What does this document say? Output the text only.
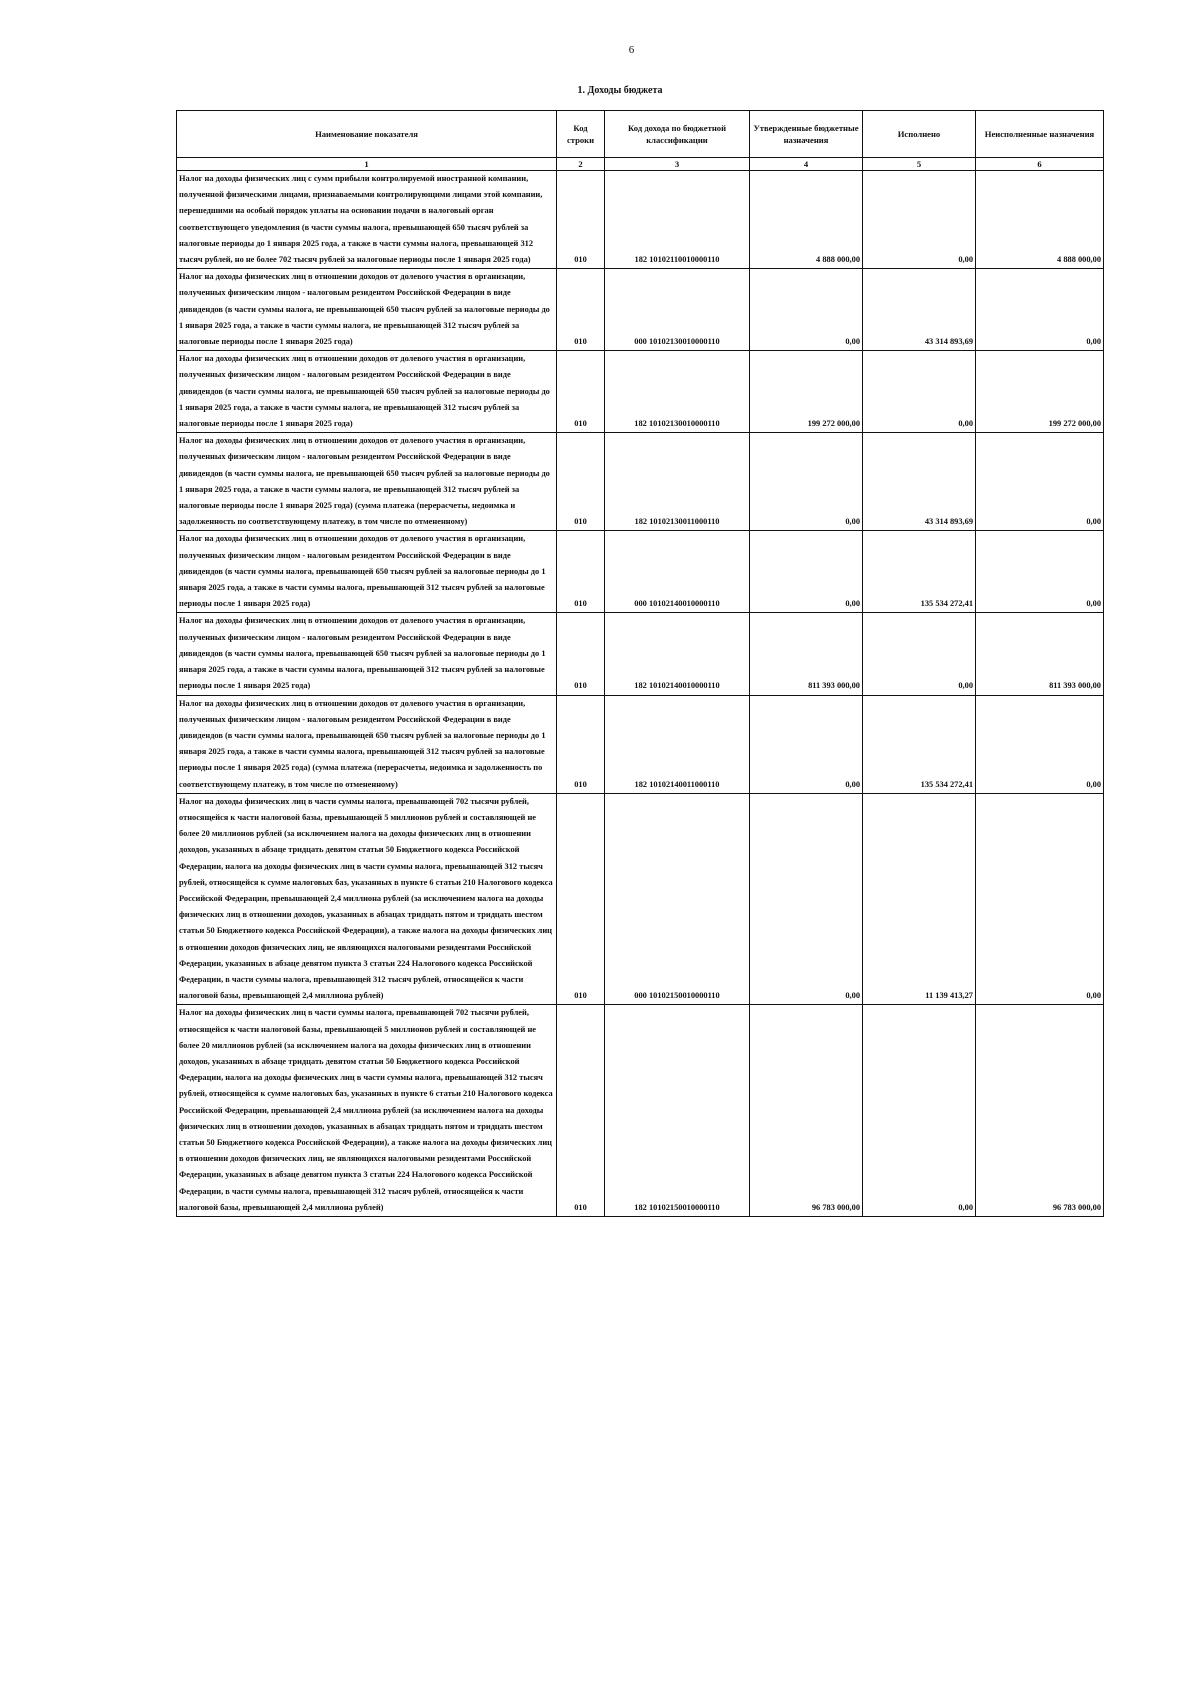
6
1. Доходы бюджета
Наименование показателя	Код строки	Код дохода по бюджетной классификации	Утвержденные бюджетные назначения	Исполнено	Неисполненные назначения
1	2	3	4	5	6
Налог на доходы физических лиц с сумм прибыли контролируемой иностранной компании, полученной физическими лицами, признаваемыми контролирующими лицами этой компании, перешедшими на особый порядок уплаты на основании подачи в налоговый орган соответствующего уведомления (в части суммы налога, превышающей 650 тысяч рублей за налоговые периоды до 1 января 2025 года, а также в части суммы налога, превышающей 312 тысяч рублей, но не более 702 тысяч рублей за налоговые периоды после 1 января 2025 года)	010	182 10102110010000110	4 888 000,00	0,00	4 888 000,00
Налог на доходы физических лиц в отношении доходов от долевого участия в организации, полученных физическим лицом - налоговым резидентом Российской Федерации в виде дивидендов (в части суммы налога, не превышающей 650 тысяч рублей за налоговые периоды до 1 января 2025 года, а также в части суммы налога, не превышающей 312 тысяч рублей за налоговые периоды после 1 января 2025 года)	010	000 10102130010000110	0,00	43 314 893,69	0,00
Налог на доходы физических лиц в отношении доходов от долевого участия в организации, полученных физическим лицом - налоговым резидентом Российской Федерации в виде дивидендов (в части суммы налога, не превышающей 650 тысяч рублей за налоговые периоды до 1 января 2025 года, а также в части суммы налога, не превышающей 312 тысяч рублей за налоговые периоды после 1 января 2025 года)	010	182 10102130010000110	199 272 000,00	0,00	199 272 000,00
Налог на доходы физических лиц в отношении доходов от долевого участия в организации, полученных физическим лицом - налоговым резидентом Российской Федерации в виде дивидендов (в части суммы налога, не превышающей 650 тысяч рублей за налоговые периоды до 1 января 2025 года, а также в части суммы налога, не превышающей 312 тысяч рублей за налоговые периоды после 1 января 2025 года) (сумма платежа (перерасчеты, недоимка и задолженность по соответствующему платежу, в том числе по отмененному)	010	182 10102130011000110	0,00	43 314 893,69	0,00
Налог на доходы физических лиц в отношении доходов от долевого участия в организации, полученных физическим лицом - налоговым резидентом Российской Федерации в виде дивидендов (в части суммы налога, превышающей 650 тысяч рублей за налоговые периоды до 1 января 2025 года, а также в части суммы налога, превышающей 312 тысяч рублей за налоговые периоды после 1 января 2025 года)	010	000 10102140010000110	0,00	135 534 272,41	0,00
Налог на доходы физических лиц в отношении доходов от долевого участия в организации, полученных физическим лицом - налоговым резидентом Российской Федерации в виде дивидендов (в части суммы налога, превышающей 650 тысяч рублей за налоговые периоды до 1 января 2025 года, а также в части суммы налога, превышающей 312 тысяч рублей за налоговые периоды после 1 января 2025 года)	010	182 10102140010000110	811 393 000,00	0,00	811 393 000,00
Налог на доходы физических лиц в отношении доходов от долевого участия в организации, полученных физическим лицом - налоговым резидентом Российской Федерации в виде дивидендов (в части суммы налога, превышающей 650 тысяч рублей за налоговые периоды до 1 января 2025 года, а также в части суммы налога, превышающей 312 тысяч рублей за налоговые периоды после 1 января 2025 года) (сумма платежа (перерасчеты, недоимка и задолженность по соответствующему платежу, в том числе по отмененному)	010	182 10102140011000110	0,00	135 534 272,41	0,00
Налог на доходы физических лиц в части суммы налога, превышающей 702 тысячи рублей, относящейся к части налоговой базы, превышающей 5 миллионов рублей и составляющей не более 20 миллионов рублей (за исключением налога на доходы физических лиц в отношении доходов, указанных в абзаце тридцать девятом статьи 50 Бюджетного кодекса Российской Федерации, налога на доходы физических лиц в части суммы налога, превышающей 312 тысяч рублей, относящейся к сумме налоговых баз, указанных в пункте 6 статьи 210 Налогового кодекса Российской Федерации, превышающей 2,4 миллиона рублей (за исключением налога на доходы физических лиц в отношении доходов, указанных в абзацах тридцать пятом и тридцать шестом статьи 50 Бюджетного кодекса Российской Федерации), а также налога на доходы физических лиц в отношении доходов физических лиц, не являющихся налоговыми резидентами Российской Федерации, указанных в абзаце девятом пункта 3 статьи 224 Налогового кодекса Российской Федерации, в части суммы налога, превышающей 312 тысяч рублей, относящейся к части налоговой базы, превышающей 2,4 миллиона рублей)	010	000 10102150010000110	0,00	11 139 413,27	0,00
Налог на доходы физических лиц в части суммы налога, превышающей 702 тысячи рублей, относящейся к части налоговой базы, превышающей 5 миллионов рублей и составляющей не более 20 миллионов рублей (за исключением налога на доходы физических лиц в отношении доходов, указанных в абзаце тридцать девятом статьи 50 Бюджетного кодекса Российской Федерации, налога на доходы физических лиц в части суммы налога, превышающей 312 тысяч рублей, относящейся к сумме налоговых баз, указанных в пункте 6 статьи 210 Налогового кодекса Российской Федерации, превышающей 2,4 миллиона рублей (за исключением налога на доходы физических лиц в отношении доходов, указанных в абзацах тридцать пятом и тридцать шестом статьи 50 Бюджетного кодекса Российской Федерации), а также налога на доходы физических лиц в отношении доходов физических лиц, не являющихся налоговыми резидентами Российской Федерации, указанных в абзаце девятом пункта 3 статьи 224 Налогового кодекса Российской Федерации, в части суммы налога, превышающей 312 тысяч рублей, относящейся к части налоговой базы, превышающей 2,4 миллиона рублей)	010	182 10102150010000110	96 783 000,00	0,00	96 783 000,00
